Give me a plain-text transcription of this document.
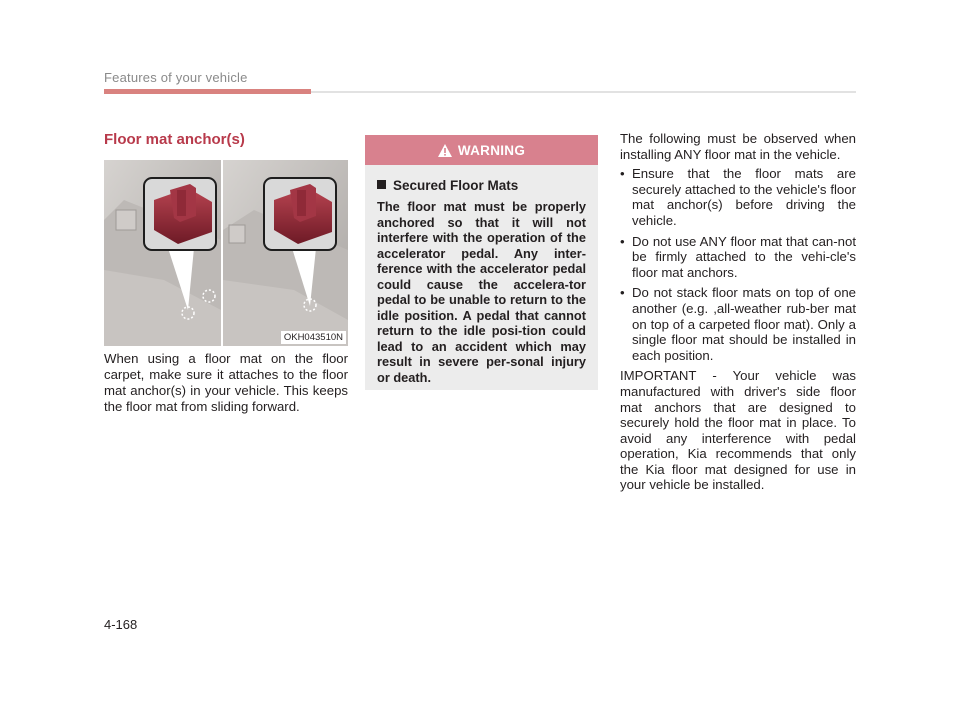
Features of your vehicle
Floor mat anchor(s)
OKH043510N

When using a floor mat on the floor carpet, make sure it attaches to the floor mat anchor(s) in your vehicle. This keeps the floor mat from sliding forward.

WARNING
Secured Floor Mats
The floor mat must be properly anchored so that it will not interfere with the operation of the accelerator pedal. Any inter-ference with the accelerator pedal could cause the accelera-tor pedal to be unable to return to the idle position. A pedal that cannot return to the idle posi-tion could lead to an accident which may result in severe per-sonal injury or death.

The following must be observed when installing ANY floor mat in the vehicle.

• Ensure that the floor mats are securely attached to the vehicle's floor mat anchor(s) before driving the vehicle.
• Do not use ANY floor mat that can-not be firmly attached to the vehi-cle's floor mat anchors.
• Do not stack floor mats on top of one another (e.g. ,all-weather rub-ber mat on top of a carpeted floor mat). Only a single floor mat should be installed in each position.

IMPORTANT - Your vehicle was manufactured with driver's side floor mat anchors that are designed to securely hold the floor mat in place. To avoid any interference with pedal operation, Kia recommends that only the Kia floor mat designed for use in your vehicle be installed.

4-168
